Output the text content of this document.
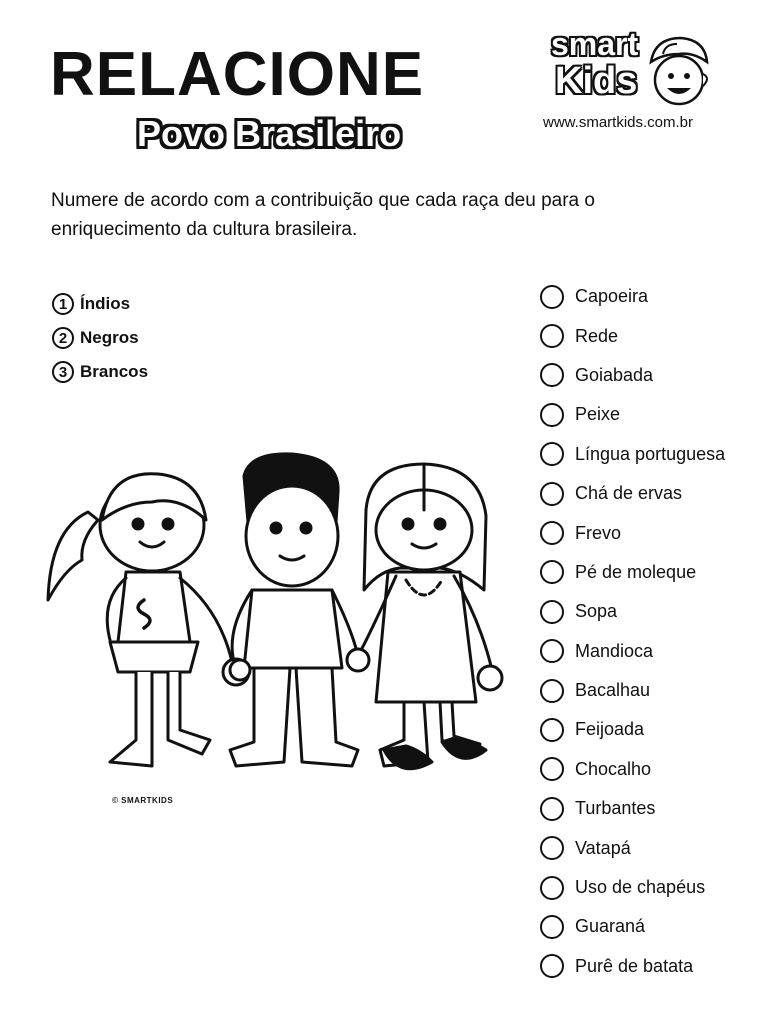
RELACIONE
Povo Brasileiro
smart
Kids
www.smartkids.com.br
Numere de acordo com a contribuição que cada raça deu para o enriquecimento da cultura brasileira.
1 Índios
2 Negros
3 Brancos
Capoeira
Rede
Goiabada
Peixe
Língua portuguesa
Chá de ervas
Frevo
Pé de moleque
Sopa
Mandioca
Bacalhau
Feijoada
Chocalho
Turbantes
Vatapá
Uso de chapéus
Guaraná
Purê de batata
© SMARTKIDS
